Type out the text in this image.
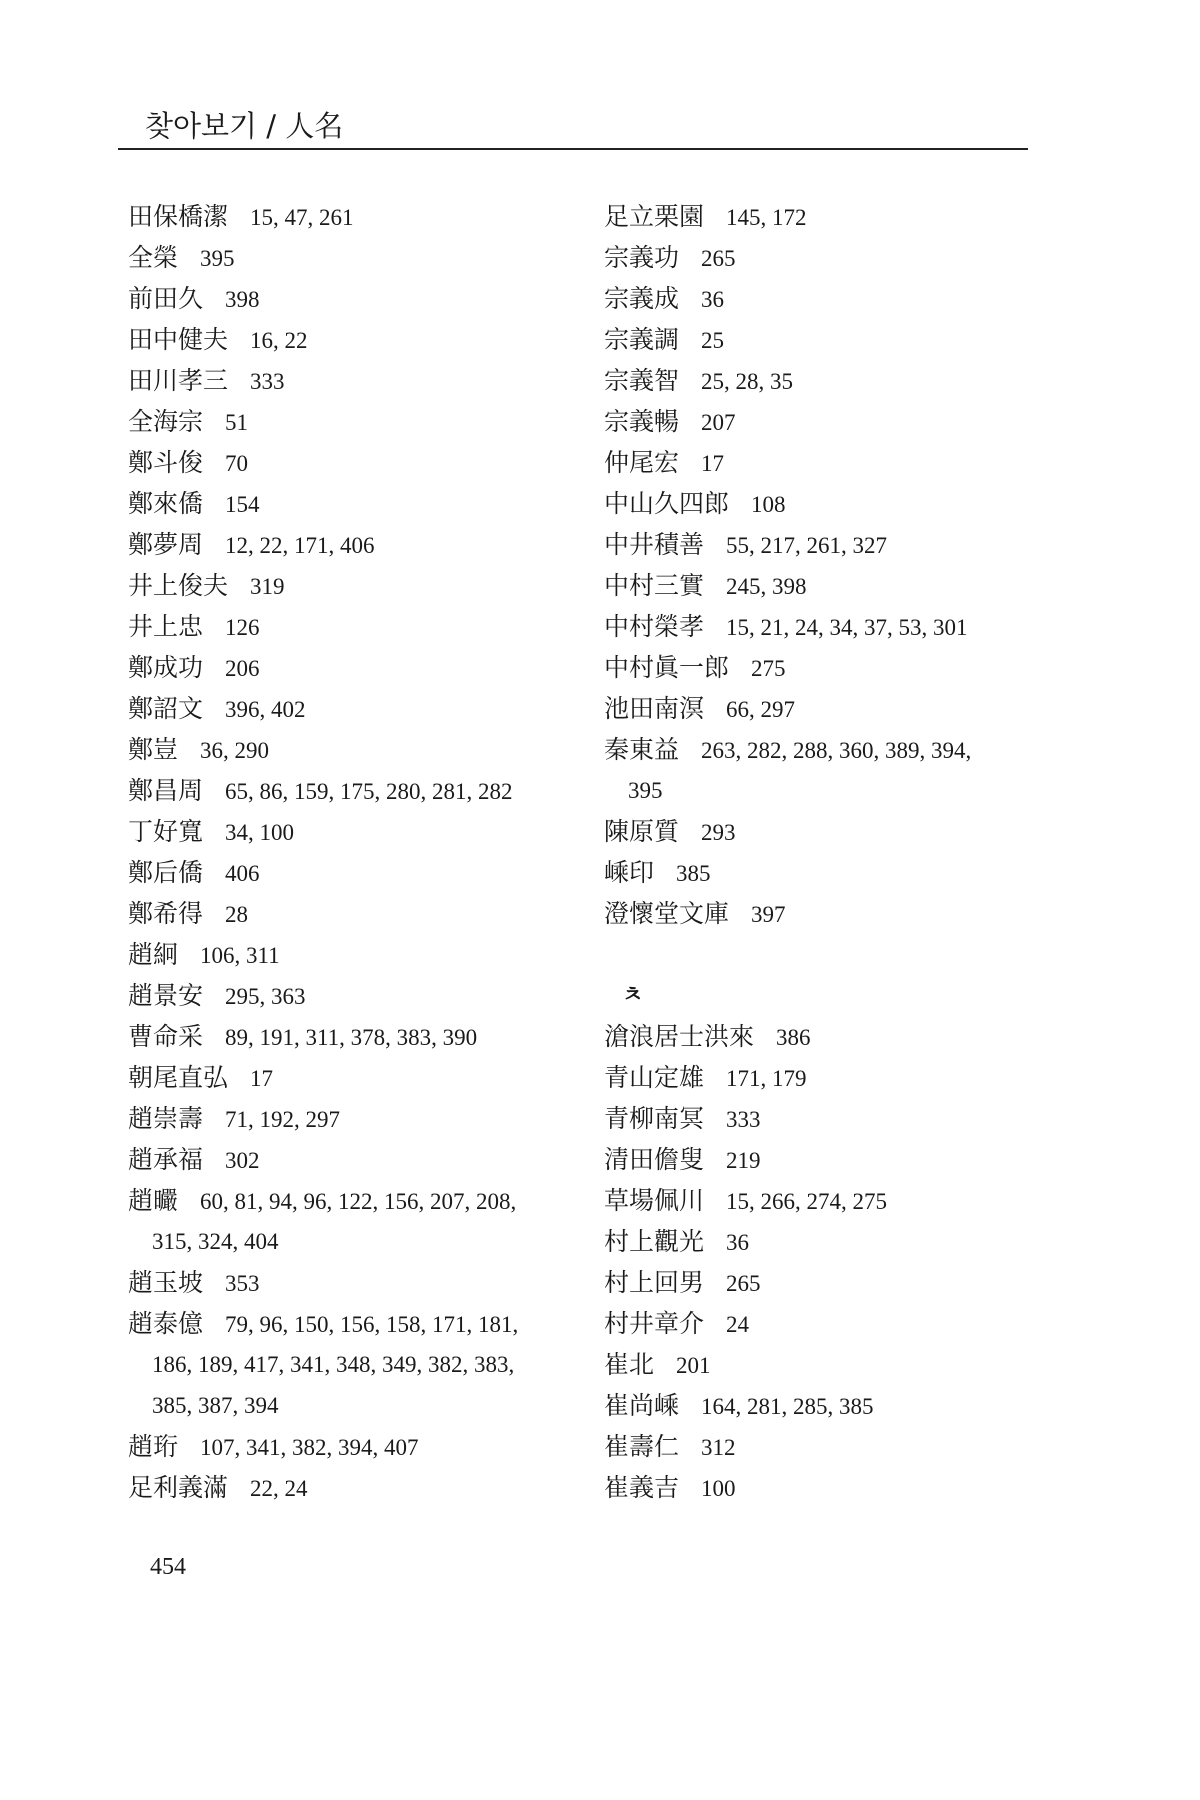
찾아보기 / 人名
田保橋潔 15, 47, 261
全榮 395
前田久 398
田中健夫 16, 22
田川孝三 333
全海宗 51
鄭斗俊 70
鄭來僑 154
鄭夢周 12, 22, 171, 406
井上俊夫 319
井上忠 126
鄭成功 206
鄭詔文 396, 402
鄭豈 36, 290
鄭昌周 65, 86, 159, 175, 280, 281, 282
丁好寬 34, 100
鄭后僑 406
鄭希得 28
趙絅 106, 311
趙景安 295, 363
曹命采 89, 191, 311, 378, 383, 390
朝尾直弘 17
趙崇壽 71, 192, 297
趙承福 302
趙曮 60, 81, 94, 96, 122, 156, 207, 208,
315, 324, 404
趙玉坡 353
趙泰億 79, 96, 150, 156, 158, 171, 181,
186, 189, 417, 341, 348, 349, 382, 383,
385, 387, 394
趙珩 107, 341, 382, 394, 407
足利義滿 22, 24
足立栗園 145, 172
宗義功 265
宗義成 36
宗義調 25
宗義智 25, 28, 35
宗義暢 207
仲尾宏 17
中山久四郎 108
中井積善 55, 217, 261, 327
中村三實 245, 398
中村榮孝 15, 21, 24, 34, 37, 53, 301
中村眞一郎 275
池田南溟 66, 297
秦東益 263, 282, 288, 360, 389, 394,
395
陳原質 293
嵊印 385
澄懷堂文庫 397
ㅊ
滄浪居士洪來 386
青山定雄 171, 179
青柳南冥 333
清田儋叟 219
草場佩川 15, 266, 274, 275
村上觀光 36
村上回男 265
村井章介 24
崔北 201
崔尚嵊 164, 281, 285, 385
崔壽仁 312
崔義吉 100
454
